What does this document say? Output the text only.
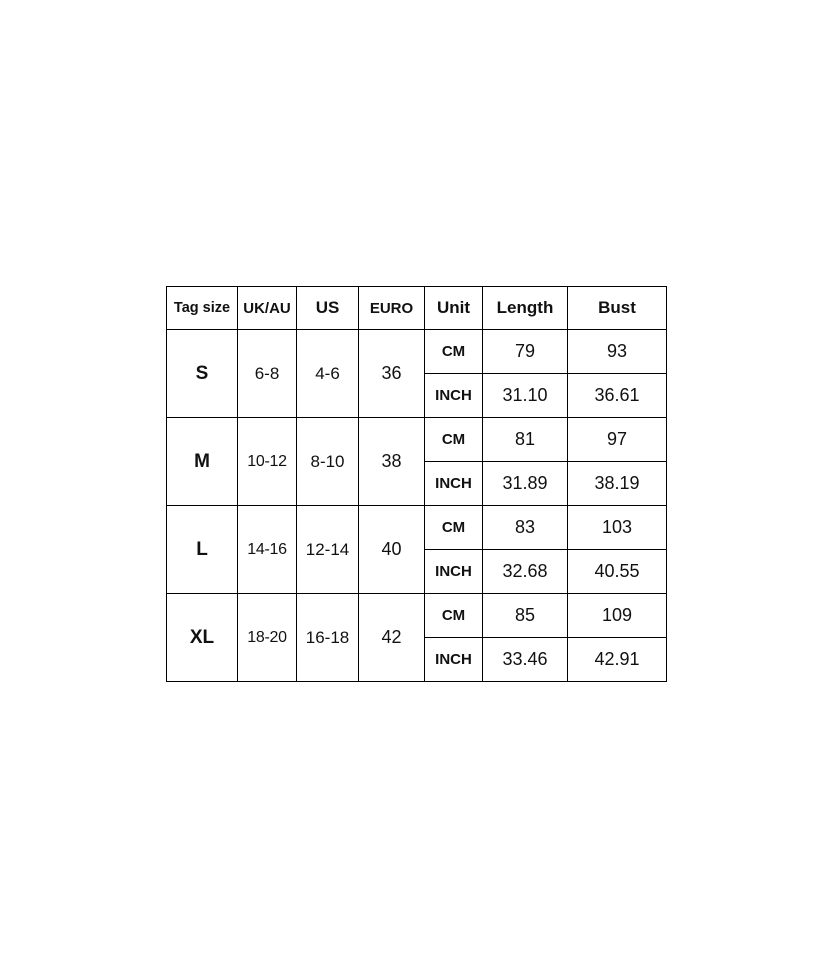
Tag size	UK/AU	US	EURO	Unit	Length	Bust
S	6-8	4-6	36	CM	79	93
				INCH	31.10	36.61
M	10-12	8-10	38	CM	81	97
				INCH	31.89	38.19
L	14-16	12-14	40	CM	83	103
				INCH	32.68	40.55
XL	18-20	16-18	42	CM	85	109
				INCH	33.46	42.91
